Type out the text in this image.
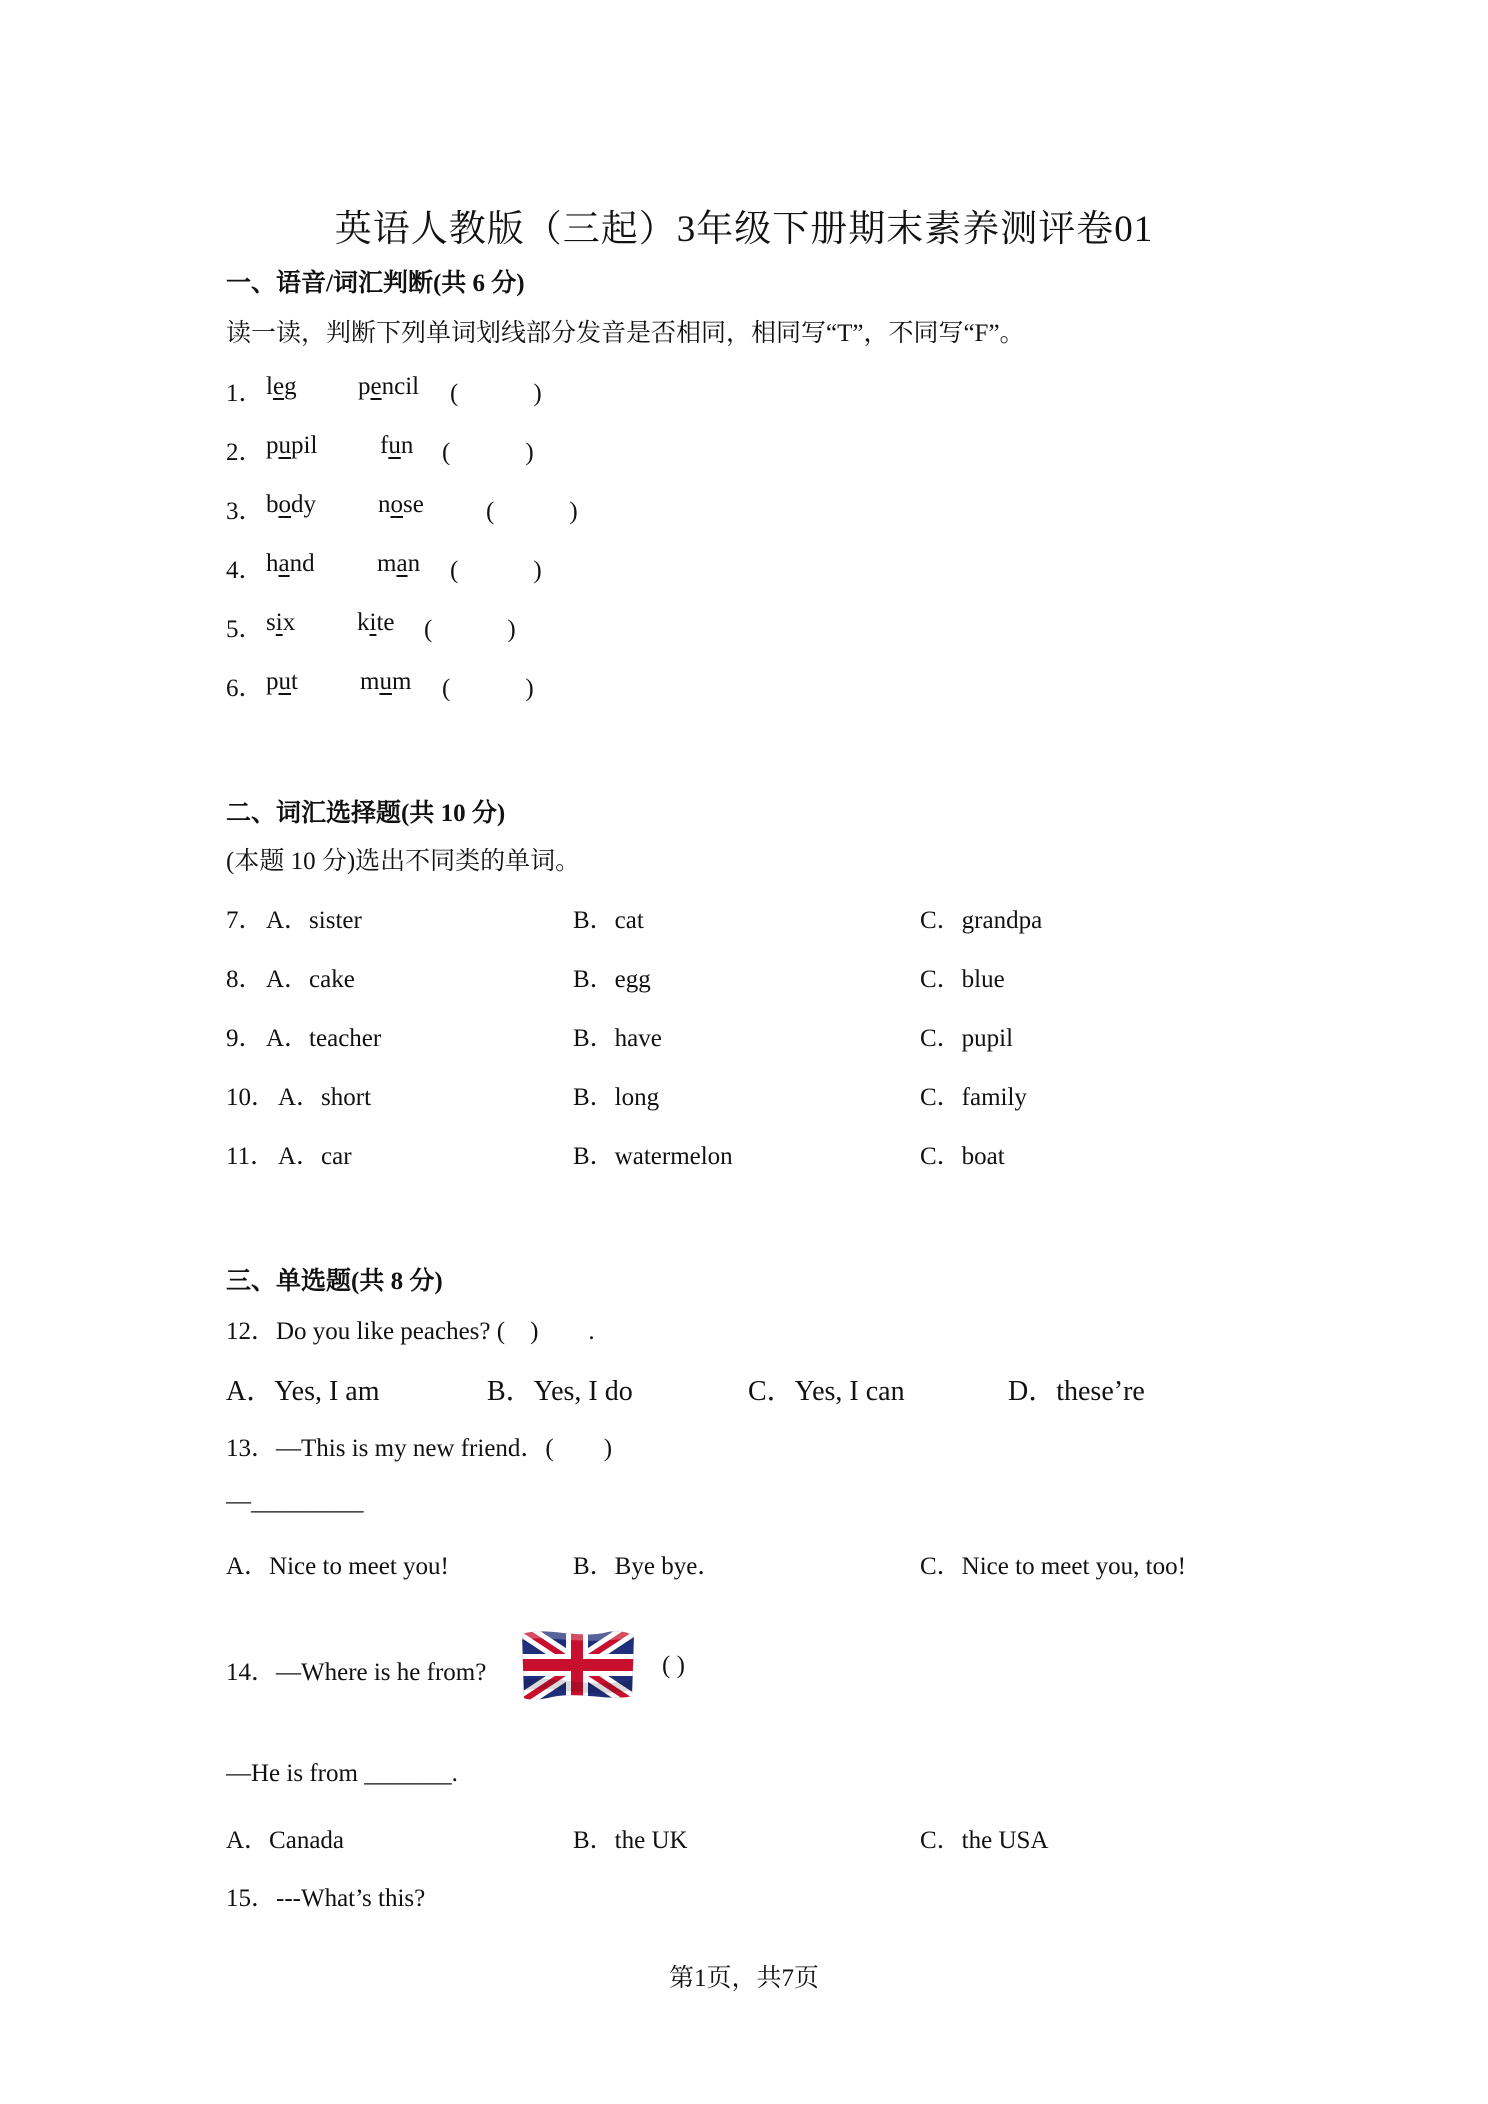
英语人教版（三起）3年级下册期末素养测评卷01
一、语音/词汇判断(共 6 分)
读一读，判断下列单词划线部分发音是否相同，相同写“T”，不同写“F”。
1． leg pencil (　　　)
2． pupil	fun (　　　)
3． body nose (　　　)
4． hand man (　　　)
5． six kite (　　　)
6． put mum (　　　)
二、词汇选择题(共 10 分)
(本题 10 分)选出不同类的单词。
7． A．sister	B．cat	C．grandpa
8． A．cake	B．egg	C．blue
9． A．teacher	B．have	C．pupil
10． A．short	B．long	C．family
11． A．car	B．watermelon	C．boat
三、单选题(共 8 分)
12．Do you like peaches? (　)　　.
A．Yes, I am	B．Yes, I do	C．Yes, I can	D．these’re
13．—This is my new friend．(　　)
—_________
A．Nice to meet you!	B．Bye bye．	C．Nice to meet you, too!
14．—Where is he from?	( )
—He is from _______.
A．Canada	B．the UK	C．the USA
15．---What’s this?
第1页，共7页
